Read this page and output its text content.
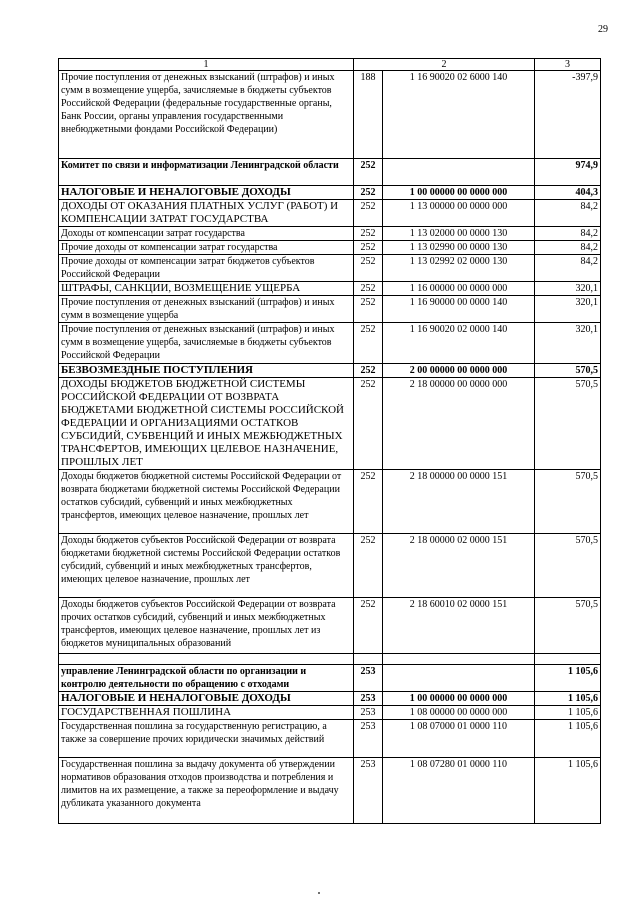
29
1	2		3
Прочие поступления от денежных взысканий (штрафов) и иных сумм в возмещение ущерба, зачисляемые в бюджеты субъектов Российской Федерации (федеральные государственные органы, Банк России, органы управления государственными внебюджетными фондами Российской Федерации)	188	1 16 90020 02 6000 140	-397,9
Комитет по связи и информатизации Ленинградской области	252		974,9
НАЛОГОВЫЕ И НЕНАЛОГОВЫЕ ДОХОДЫ	252	1 00 00000 00 0000 000	404,3
ДОХОДЫ ОТ ОКАЗАНИЯ ПЛАТНЫХ УСЛУГ (РАБОТ) И КОМПЕНСАЦИИ ЗАТРАТ ГОСУДАРСТВА	252	1 13 00000 00 0000 000	84,2
Доходы от компенсации затрат государства	252	1 13 02000 00 0000 130	84,2
Прочие доходы от компенсации затрат государства	252	1 13 02990 00 0000 130	84,2
Прочие доходы от компенсации затрат бюджетов субъектов Российской Федерации	252	1 13 02992 02 0000 130	84,2
ШТРАФЫ, САНКЦИИ, ВОЗМЕЩЕНИЕ УЩЕРБА	252	1 16 00000 00 0000 000	320,1
Прочие поступления от денежных взысканий (штрафов) и иных сумм в возмещение ущерба	252	1 16 90000 00 0000 140	320,1
Прочие поступления от денежных взысканий (штрафов) и иных сумм в возмещение ущерба, зачисляемые в бюджеты субъектов Российской Федерации	252	1 16 90020 02 0000 140	320,1
БЕЗВОЗМЕЗДНЫЕ ПОСТУПЛЕНИЯ	252	2 00 00000 00 0000 000	570,5
ДОХОДЫ БЮДЖЕТОВ БЮДЖЕТНОЙ СИСТЕМЫ РОССИЙСКОЙ ФЕДЕРАЦИИ ОТ ВОЗВРАТА БЮДЖЕТАМИ БЮДЖЕТНОЙ СИСТЕМЫ РОССИЙСКОЙ ФЕДЕРАЦИИ И ОРГАНИЗАЦИЯМИ ОСТАТКОВ СУБСИДИЙ, СУБВЕНЦИЙ И ИНЫХ МЕЖБЮДЖЕТНЫХ ТРАНСФЕРТОВ, ИМЕЮЩИХ ЦЕЛЕВОЕ НАЗНАЧЕНИЕ, ПРОШЛЫХ ЛЕТ	252	2 18 00000 00 0000 000	570,5
Доходы бюджетов бюджетной системы Российской Федерации от возврата бюджетами бюджетной системы Российской Федерации остатков субсидий, субвенций и иных межбюджетных трансфертов, имеющих целевое назначение, прошлых лет	252	2 18 00000 00 0000 151	570,5
Доходы бюджетов субъектов Российской Федерации от возврата бюджетами бюджетной системы Российской Федерации остатков субсидий, субвенций и иных межбюджетных трансфертов, имеющих целевое назначение, прошлых лет	252	2 18 00000 02 0000 151	570,5
Доходы бюджетов субъектов Российской Федерации от возврата прочих остатков субсидий, субвенций и иных межбюджетных трансфертов, имеющих целевое назначение, прошлых лет из бюджетов муниципальных образований	252	2 18 60010 02 0000 151	570,5

управление Ленинградской области по организации и контролю деятельности по обращению с отходами	253		1 105,6
НАЛОГОВЫЕ И НЕНАЛОГОВЫЕ ДОХОДЫ	253	1 00 00000 00 0000 000	1 105,6
ГОСУДАРСТВЕННАЯ ПОШЛИНА	253	1 08 00000 00 0000 000	1 105,6
Государственная пошлина за государственную регистрацию, а также за совершение прочих юридически значимых действий	253	1 08 07000 01 0000 110	1 105,6
Государственная пошлина за выдачу документа об утверждении нормативов образования отходов производства и потребления и лимитов на их размещение, а также за переоформление и выдачу дубликата указанного документа	253	1 08 07280 01 0000 110	1 105,6
